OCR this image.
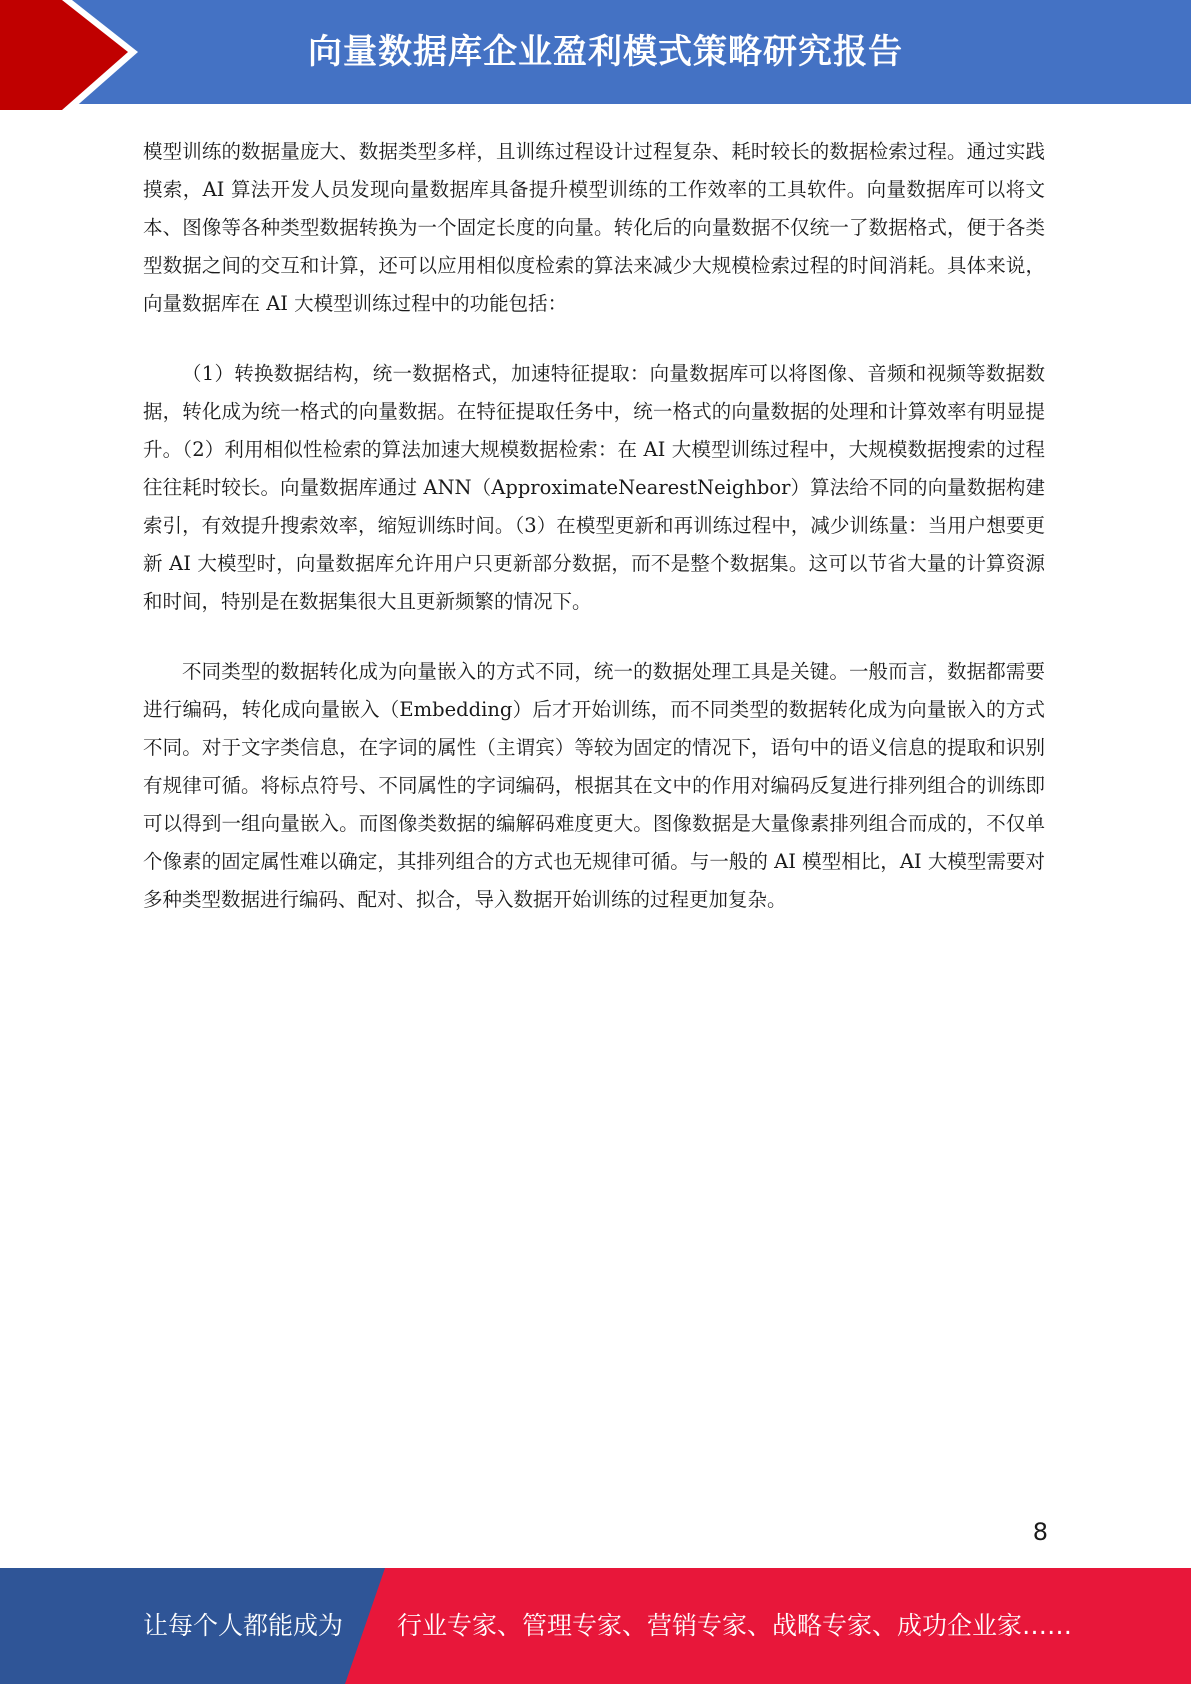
向量数据库企业盈利模式策略研究报告

模型训练的数据量庞大、数据类型多样，且训练过程设计过程复杂、耗时较长的数据检索过程。通过实践摸索，AI 算法开发人员发现向量数据库具备提升模型训练的工作效率的工具软件。向量数据库可以将文本、图像等各种类型数据转换为一个固定长度的向量。转化后的向量数据不仅统一了数据格式，便于各类型数据之间的交互和计算，还可以应用相似度检索的算法来减少大规模检索过程的时间消耗。具体来说，向量数据库在 AI 大模型训练过程中的功能包括：

（1）转换数据结构，统一数据格式，加速特征提取：向量数据库可以将图像、音频和视频等数据数据，转化成为统一格式的向量数据。在特征提取任务中，统一格式的向量数据的处理和计算效率有明显提升。（2）利用相似性检索的算法加速大规模数据检索：在 AI 大模型训练过程中，大规模数据搜索的过程往往耗时较长。向量数据库通过 ANN（ApproximateNearestNeighbor）算法给不同的向量数据构建索引，有效提升搜索效率，缩短训练时间。（3）在模型更新和再训练过程中，减少训练量：当用户想要更新 AI 大模型时，向量数据库允许用户只更新部分数据，而不是整个数据集。这可以节省大量的计算资源和时间，特别是在数据集很大且更新频繁的情况下。

不同类型的数据转化成为向量嵌入的方式不同，统一的数据处理工具是关键。一般而言，数据都需要进行编码，转化成向量嵌入（Embedding）后才开始训练，而不同类型的数据转化成为向量嵌入的方式不同。对于文字类信息，在字词的属性（主谓宾）等较为固定的情况下，语句中的语义信息的提取和识别有规律可循。将标点符号、不同属性的字词编码，根据其在文中的作用对编码反复进行排列组合的训练即可以得到一组向量嵌入。而图像类数据的编解码难度更大。图像数据是大量像素排列组合而成的，不仅单个像素的固定属性难以确定，其排列组合的方式也无规律可循。与一般的 AI 模型相比，AI 大模型需要对多种类型数据进行编码、配对、拟合，导入数据开始训练的过程更加复杂。

8
让每个人都能成为 行业专家、管理专家、营销专家、战略专家、成功企业家……
